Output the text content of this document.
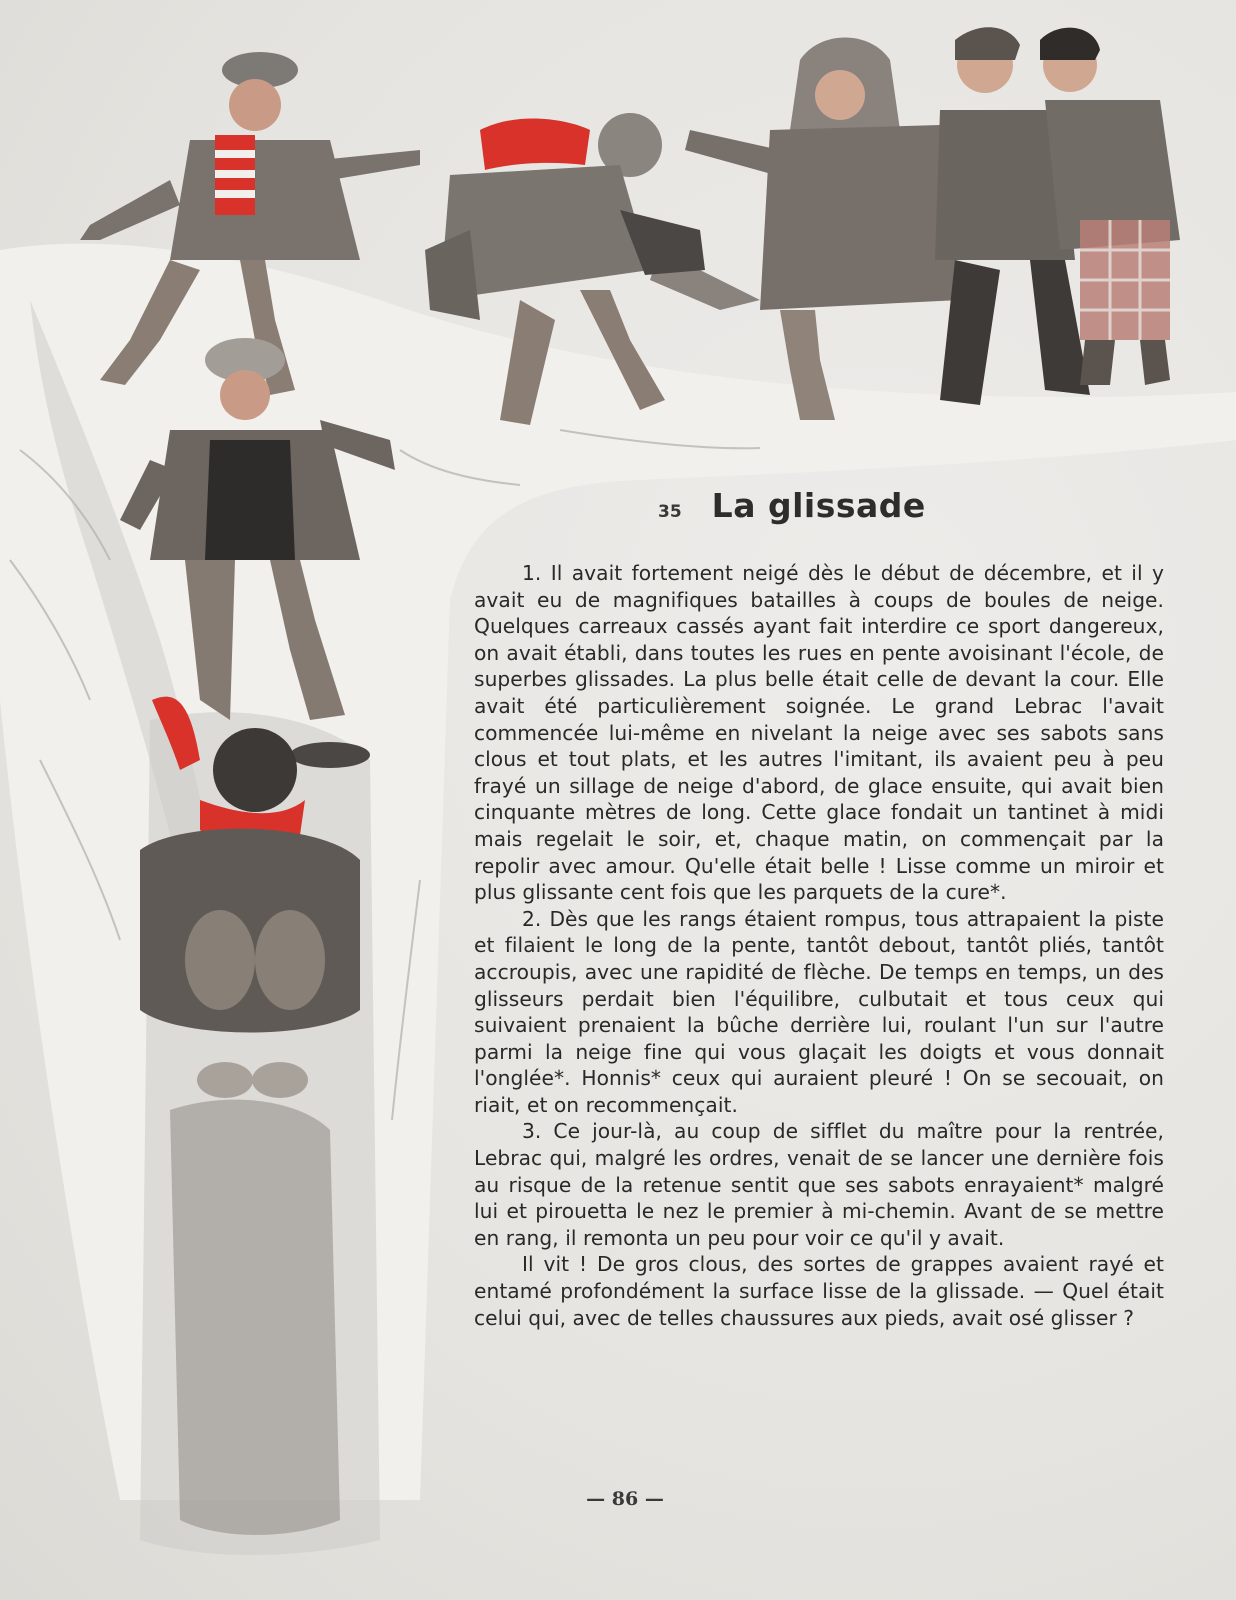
35 La glissade

1. Il avait fortement neigé dès le début de décembre, et il y avait eu de magnifiques batailles à coups de boules de neige. Quelques carreaux cassés ayant fait interdire ce sport dangereux, on avait établi, dans toutes les rues en pente avoisinant l'école, de superbes glissades. La plus belle était celle de devant la cour. Elle avait été particulièrement soignée. Le grand Lebrac l'avait commencée lui-même en nivelant la neige avec ses sabots sans clous et tout plats, et les autres l'imitant, ils avaient peu à peu frayé un sillage de neige d'abord, de glace ensuite, qui avait bien cinquante mètres de long. Cette glace fondait un tantinet à midi mais regelait le soir, et, chaque matin, on commençait par la repolir avec amour. Qu'elle était belle ! Lisse comme un miroir et plus glissante cent fois que les parquets de la cure*.

2. Dès que les rangs étaient rompus, tous attrapaient la piste et filaient le long de la pente, tantôt debout, tantôt pliés, tantôt accroupis, avec une rapidité de flèche. De temps en temps, un des glisseurs perdait bien l'équilibre, culbutait et tous ceux qui suivaient prenaient la bûche derrière lui, roulant l'un sur l'autre parmi la neige fine qui vous glaçait les doigts et vous donnait l'onglée*. Honnis* ceux qui auraient pleuré ! On se secouait, on riait, et on recommençait.

3. Ce jour-là, au coup de sifflet du maître pour la rentrée, Lebrac qui, malgré les ordres, venait de se lancer une dernière fois au risque de la retenue sentit que ses sabots enrayaient* malgré lui et pirouetta le nez le premier à mi-chemin. Avant de se mettre en rang, il remonta un peu pour voir ce qu'il y avait.

Il vit ! De gros clous, des sortes de grappes avaient rayé et entamé profondément la surface lisse de la glissade. — Quel était celui qui, avec de telles chaussures aux pieds, avait osé glisser ?

— 86 —
